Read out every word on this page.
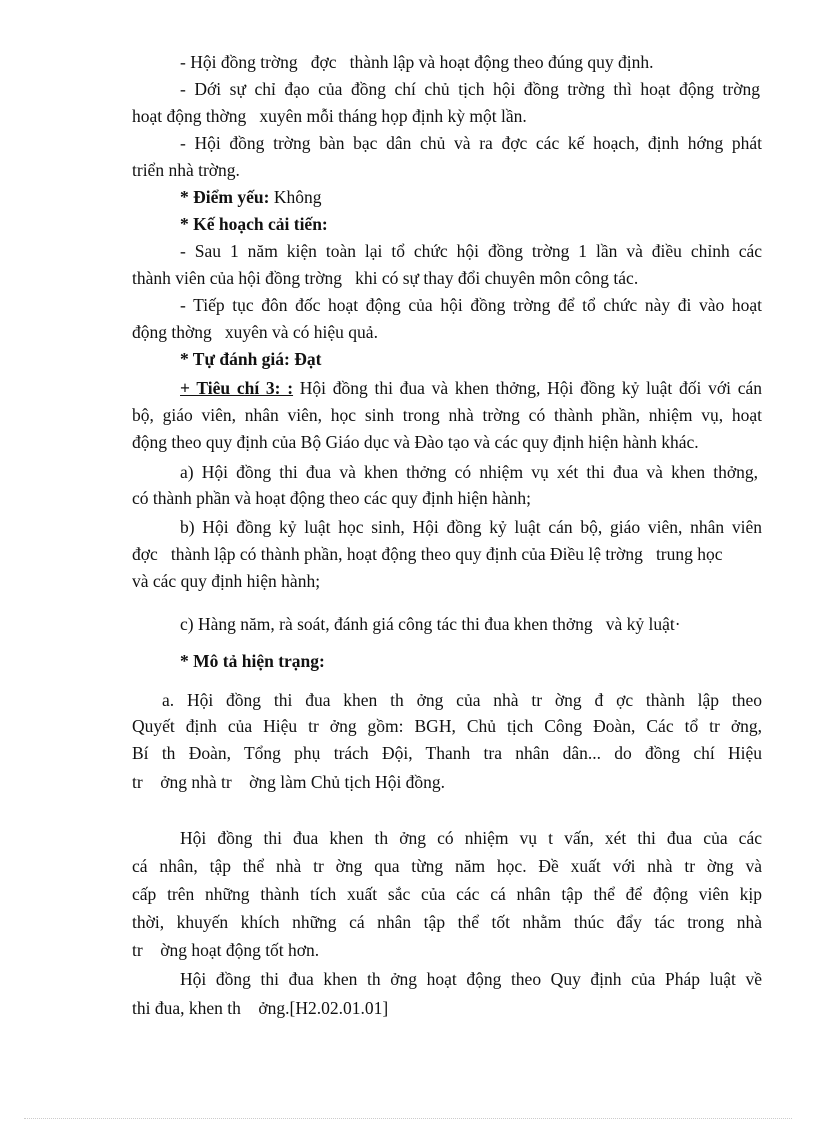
- Hội đồng trờng   đợc   thành lập và hoạt động theo đúng quy định.
- Dới sự chỉ đạo của đồng chí chủ tịch hội đồng trờng thì hoạt động trờng
hoạt động thờng   xuyên mỗi tháng họp định kỳ một lần.
- Hội đồng trờng bàn bạc dân chủ và ra đợc các kế hoạch, định hớng phát
triển nhà trờng.
* Điểm yếu: Không
* Kế hoạch cải tiến:
- Sau 1 năm kiện toàn lại tổ chức hội đồng trờng 1 lần và điều chỉnh các
thành viên của hội đồng trờng   khi có sự thay đổi chuyên môn công tác.
- Tiếp tục đôn đốc hoạt động của hội đồng trờng để tổ chức này đi vào hoạt
động thờng   xuyên và có hiệu quả.
* Tự đánh giá: Đạt
+ Tiêu chí 3: : Hội đồng thi đua và khen thởng, Hội đồng kỷ luật đối với cán
bộ, giáo viên, nhân viên, học sinh trong nhà trờng có thành phần, nhiệm vụ, hoạt
động theo quy định của Bộ Giáo dục và Đào tạo và các quy định hiện hành khác.
a) Hội đồng thi đua và khen thởng có nhiệm vụ xét thi đua và khen thởng,
có thành phần và hoạt động theo các quy định hiện hành;
b) Hội đồng kỷ luật học sinh, Hội đồng kỷ luật cán bộ, giáo viên, nhân viên
đợc   thành lập có thành phần, hoạt động theo quy định của Điều lệ trờng   trung học
và các quy định hiện hành;
c) Hàng năm, rà soát, đánh giá công tác thi đua khen thởng   và kỷ luật·
* Mô tả hiện trạng:
a. Hội đồng thi đua khen th ởng của nhà tr ờng đ ợc thành lập theo
Quyết định của Hiệu tr ởng gồm: BGH, Chủ tịch Công Đoàn, Các tổ tr ởng,
Bí th Đoàn, Tổng phụ trách Đội, Thanh tra nhân dân... do đồng chí Hiệu
tr    ởng nhà tr    ờng làm Chủ tịch Hội đồng.
Hội đồng thi đua khen th ởng có nhiệm vụ t vấn, xét thi đua của các
cá nhân, tập thể nhà tr ờng qua từng năm học. Đề xuất với nhà tr ờng và
cấp trên những thành tích xuất sắc của các cá nhân tập thể để động viên kịp
thời, khuyến khích những cá nhân tập thể tốt nhằm thúc đẩy tác trong nhà
tr    ờng hoạt động tốt hơn.
Hội đồng thi đua khen th ởng hoạt động theo Quy định của Pháp luật về
thi đua, khen th    ởng.[H2.02.01.01]
